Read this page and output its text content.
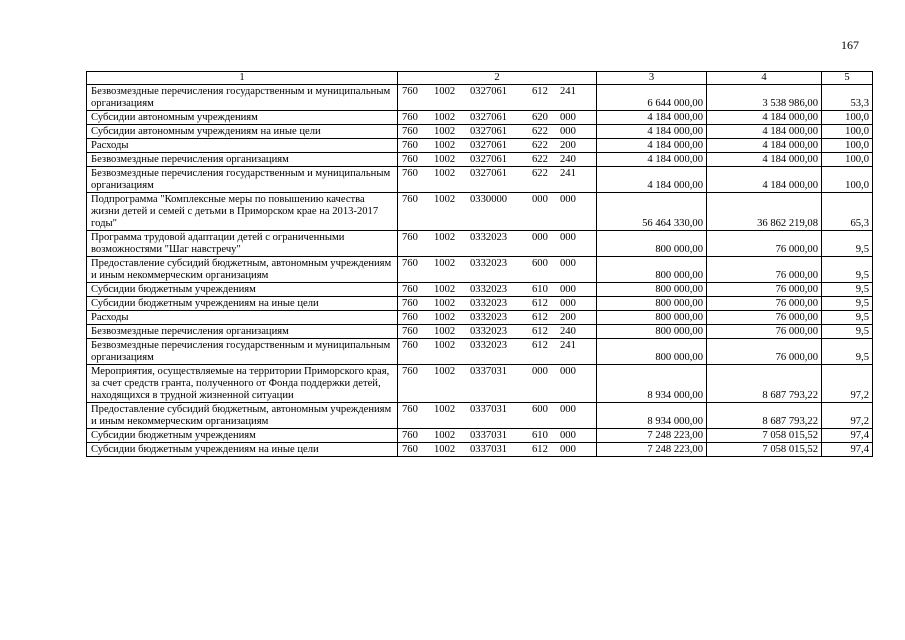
167
1	2	3	4	5
Безвозмездные перечисления государственным и муниципальным организациям	760 1002 0327061 612 241	6 644 000,00	3 538 986,00	53,3
Субсидии автономным учреждениям	760 1002 0327061 620 000	4 184 000,00	4 184 000,00	100,0
Субсидии автономным учреждениям на иные цели	760 1002 0327061 622 000	4 184 000,00	4 184 000,00	100,0
Расходы	760 1002 0327061 622 200	4 184 000,00	4 184 000,00	100,0
Безвозмездные перечисления организациям	760 1002 0327061 622 240	4 184 000,00	4 184 000,00	100,0
Безвозмездные перечисления государственным и муниципальным организациям	760 1002 0327061 622 241	4 184 000,00	4 184 000,00	100,0
Подпрограмма "Комплексные меры по повышению качества жизни детей и семей с детьми в Приморском крае на 2013-2017 годы"	760 1002 0330000 000 000	56 464 330,00	36 862 219,08	65,3
Программа трудовой адаптации детей с ограниченными возможностями "Шаг навстречу"	760 1002 0332023 000 000	800 000,00	76 000,00	9,5
Предоставление субсидий бюджетным, автономным учреждениям и иным некоммерческим организациям	760 1002 0332023 600 000	800 000,00	76 000,00	9,5
Субсидии бюджетным учреждениям	760 1002 0332023 610 000	800 000,00	76 000,00	9,5
Субсидии бюджетным учреждениям на иные цели	760 1002 0332023 612 000	800 000,00	76 000,00	9,5
Расходы	760 1002 0332023 612 200	800 000,00	76 000,00	9,5
Безвозмездные перечисления организациям	760 1002 0332023 612 240	800 000,00	76 000,00	9,5
Безвозмездные перечисления государственным и муниципальным организациям	760 1002 0332023 612 241	800 000,00	76 000,00	9,5
Мероприятия, осуществляемые на территории Приморского края, за счет средств гранта, полученного от Фонда поддержки детей, находящихся в трудной жизненной ситуации	760 1002 0337031 000 000	8 934 000,00	8 687 793,22	97,2
Предоставление субсидий бюджетным, автономным учреждениям и иным некоммерческим организациям	760 1002 0337031 600 000	8 934 000,00	8 687 793,22	97,2
Субсидии бюджетным учреждениям	760 1002 0337031 610 000	7 248 223,00	7 058 015,52	97,4
Субсидии бюджетным учреждениям на иные цели	760 1002 0337031 612 000	7 248 223,00	7 058 015,52	97,4
